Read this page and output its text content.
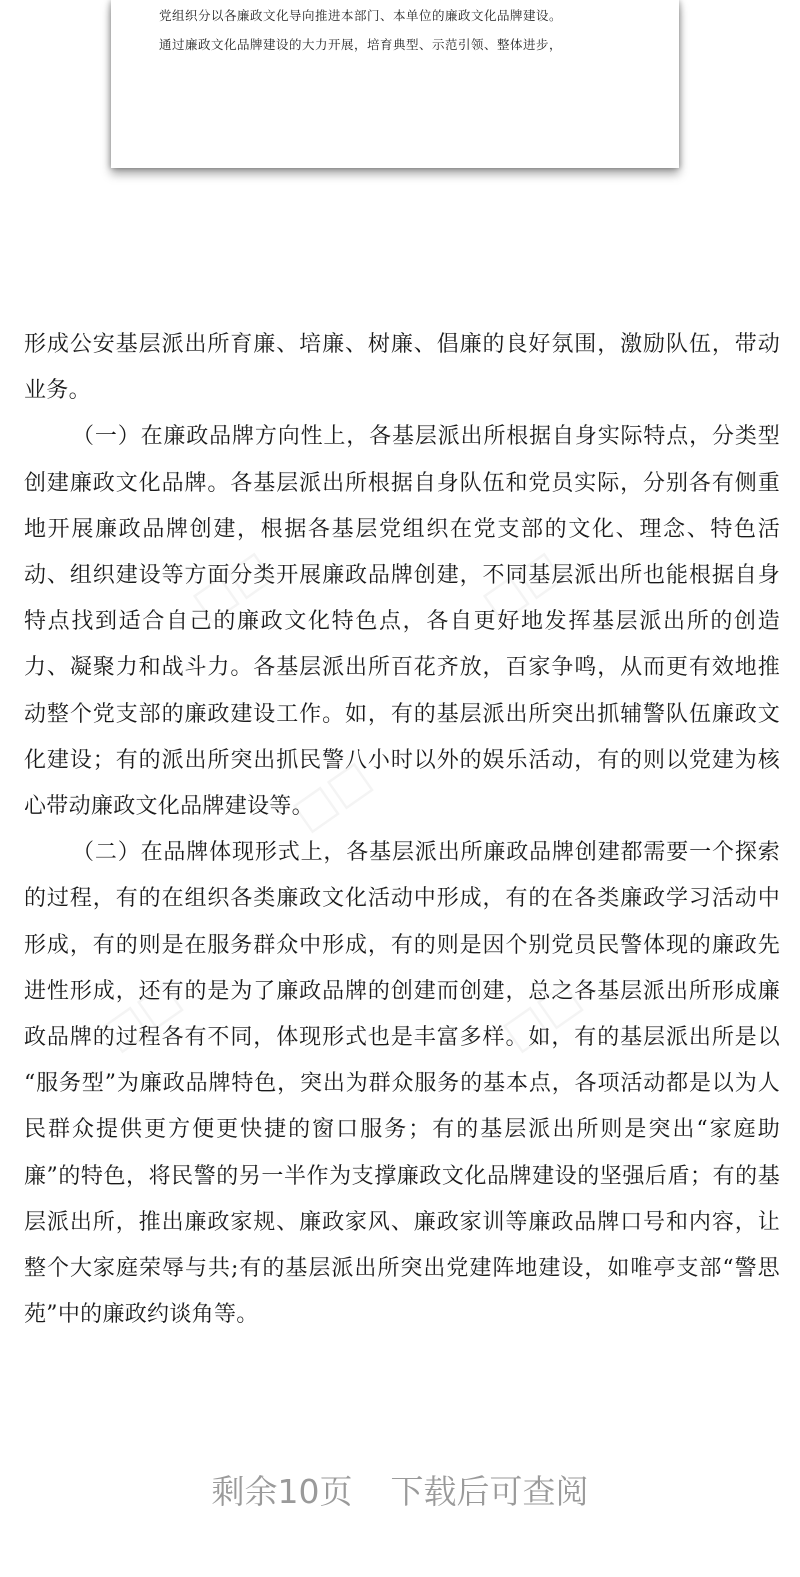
党组织分以各廉政文化导向推进本部门、本单位的廉政文化品牌建设。
通过廉政文化品牌建设的大力开展，培育典型、示范引领、整体进步，
□□	□□
□□
□□	□□

形成公安基层派出所育廉、培廉、树廉、倡廉的良好氛围，激励队伍，带动业务。

（一）在廉政品牌方向性上，各基层派出所根据自身实际特点，分类型创建廉政文化品牌。各基层派出所根据自身队伍和党员实际，分别各有侧重地开展廉政品牌创建，根据各基层党组织在党支部的文化、理念、特色活动、组织建设等方面分类开展廉政品牌创建，不同基层派出所也能根据自身特点找到适合自己的廉政文化特色点，各自更好地发挥基层派出所的创造力、凝聚力和战斗力。各基层派出所百花齐放，百家争鸣，从而更有效地推动整个党支部的廉政建设工作。如，有的基层派出所突出抓辅警队伍廉政文化建设；有的派出所突出抓民警八小时以外的娱乐活动，有的则以党建为核心带动廉政文化品牌建设等。

（二）在品牌体现形式上，各基层派出所廉政品牌创建都需要一个探索的过程，有的在组织各类廉政文化活动中形成，有的在各类廉政学习活动中形成，有的则是在服务群众中形成，有的则是因个别党员民警体现的廉政先进性形成，还有的是为了廉政品牌的创建而创建，总之各基层派出所形成廉政品牌的过程各有不同，体现形式也是丰富多样。如，有的基层派出所是以 “服务型”为廉政品牌特色，突出为群众服务的基本点，各项活动都是以为人民群众提供更方便更快捷的窗口服务；有的基层派出所则是突出“家庭助廉”的特色，将民警的另一半作为支撑廉政文化品牌建设的坚强后盾；有的基层派出所，推出廉政家规、廉政家风、廉政家训等廉政品牌口号和内容，让整个大家庭荣辱与共;有的基层派出所突出党建阵地建设，如唯亭支部“警思苑”中的廉政约谈角等。

剩余10页 下载后可查阅
